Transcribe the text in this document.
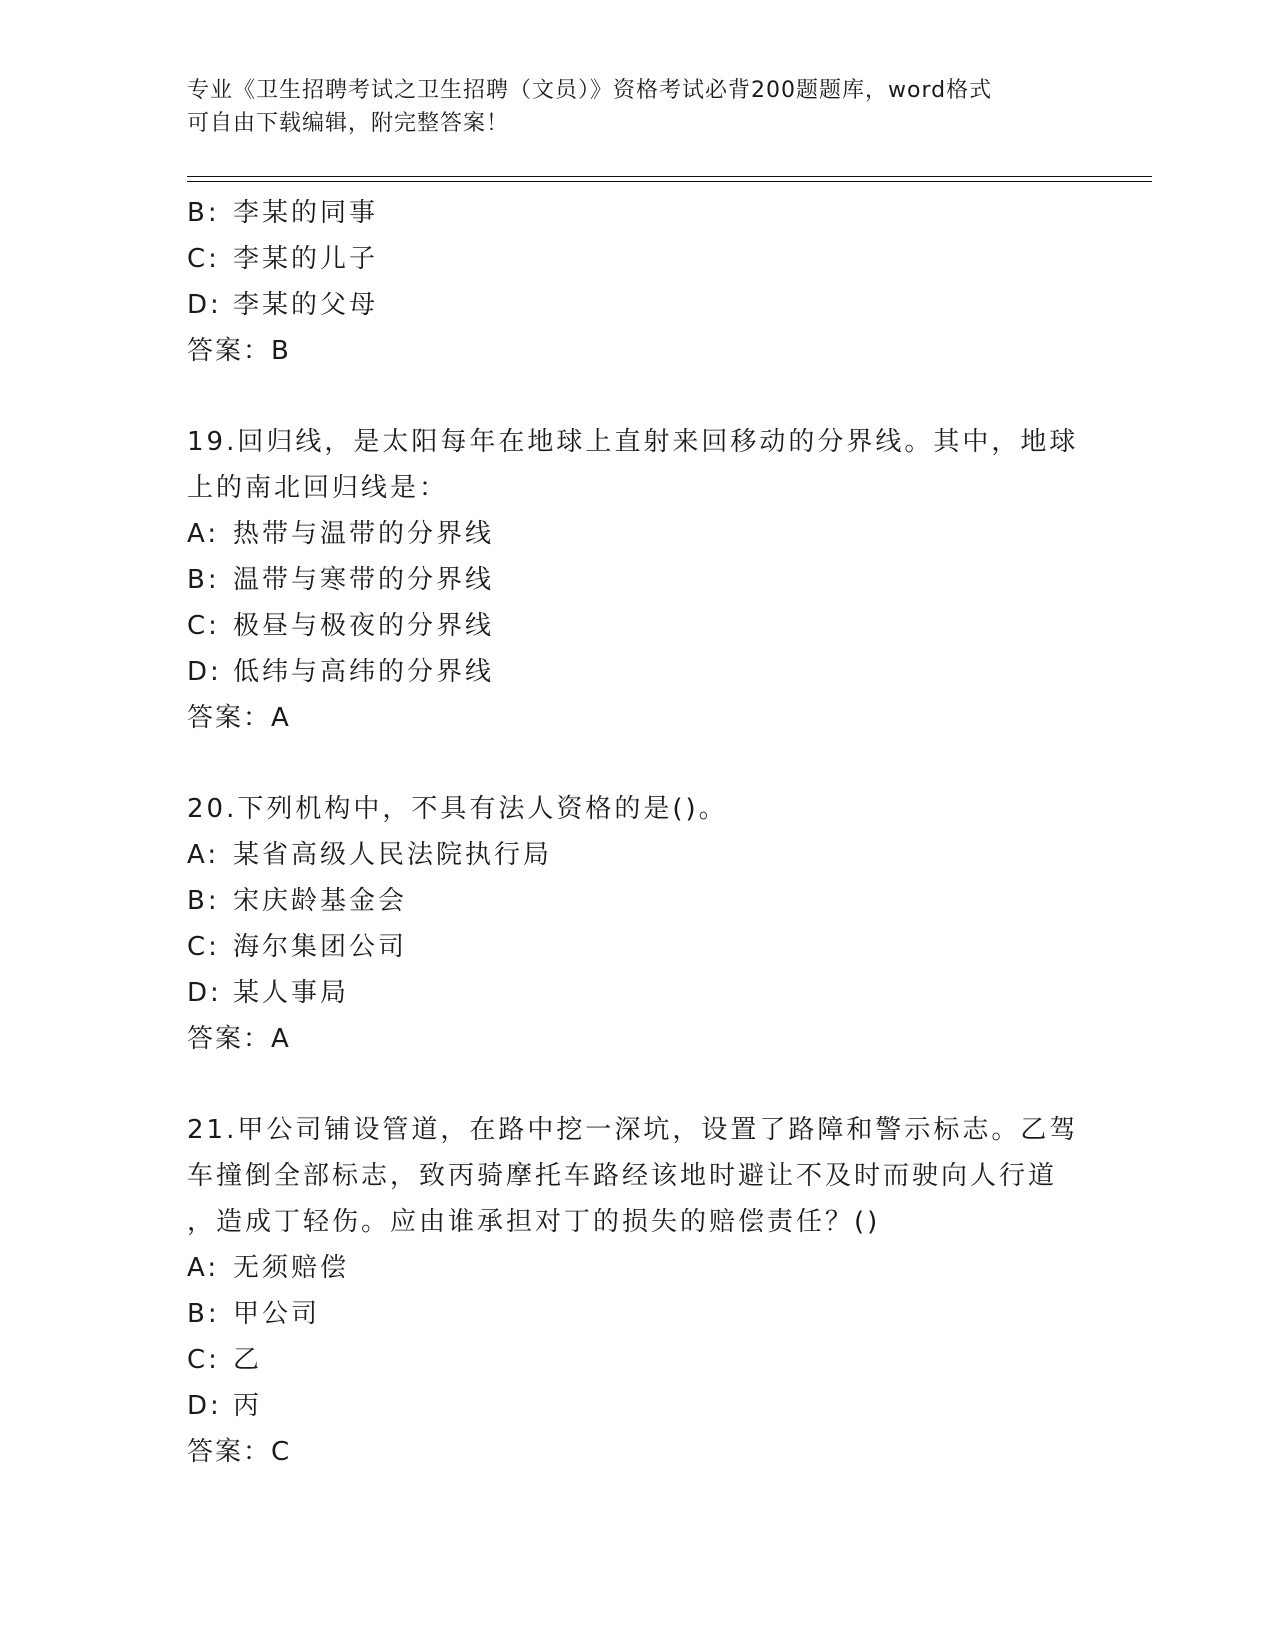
专业《卫生招聘考试之卫生招聘（文员）》资格考试必背200题题库，word格式
可自由下载编辑，附完整答案！
B: 李某的同事
C: 李某的儿子
D: 李某的父母
答案：B
19.回归线，是太阳每年在地球上直射来回移动的分界线。其中，地球
上的南北回归线是：
A: 热带与温带的分界线
B: 温带与寒带的分界线
C: 极昼与极夜的分界线
D: 低纬与高纬的分界线
答案：A
20.下列机构中，不具有法人资格的是()。
A: 某省高级人民法院执行局
B: 宋庆龄基金会
C: 海尔集团公司
D: 某人事局
答案：A
21.甲公司铺设管道，在路中挖一深坑，设置了路障和警示标志。乙驾
车撞倒全部标志，致丙骑摩托车路经该地时避让不及时而驶向人行道
，造成丁轻伤。应由谁承担对丁的损失的赔偿责任？()
A: 无须赔偿
B: 甲公司
C: 乙
D: 丙
答案：C
